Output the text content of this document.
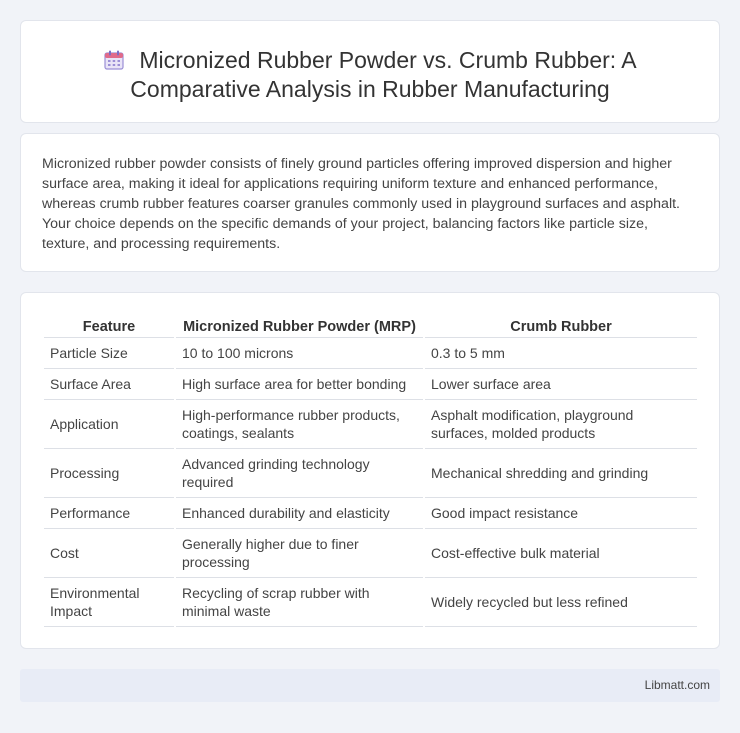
Micronized Rubber Powder vs. Crumb Rubber: A Comparative Analysis in Rubber Manufacturing

Micronized rubber powder consists of finely ground particles offering improved dispersion and higher surface area, making it ideal for applications requiring uniform texture and enhanced performance, whereas crumb rubber features coarser granules commonly used in playground surfaces and asphalt. Your choice depends on the specific demands of your project, balancing factors like particle size, texture, and processing requirements.

Feature	Micronized Rubber Powder (MRP)	Crumb Rubber
Particle Size	10 to 100 microns	0.3 to 5 mm
Surface Area	High surface area for better bonding	Lower surface area
Application	High-performance rubber products, coatings, sealants	Asphalt modification, playground surfaces, molded products
Processing	Advanced grinding technology required	Mechanical shredding and grinding
Performance	Enhanced durability and elasticity	Good impact resistance
Cost	Generally higher due to finer processing	Cost-effective bulk material
Environmental Impact	Recycling of scrap rubber with minimal waste	Widely recycled but less refined
Libmatt.com
